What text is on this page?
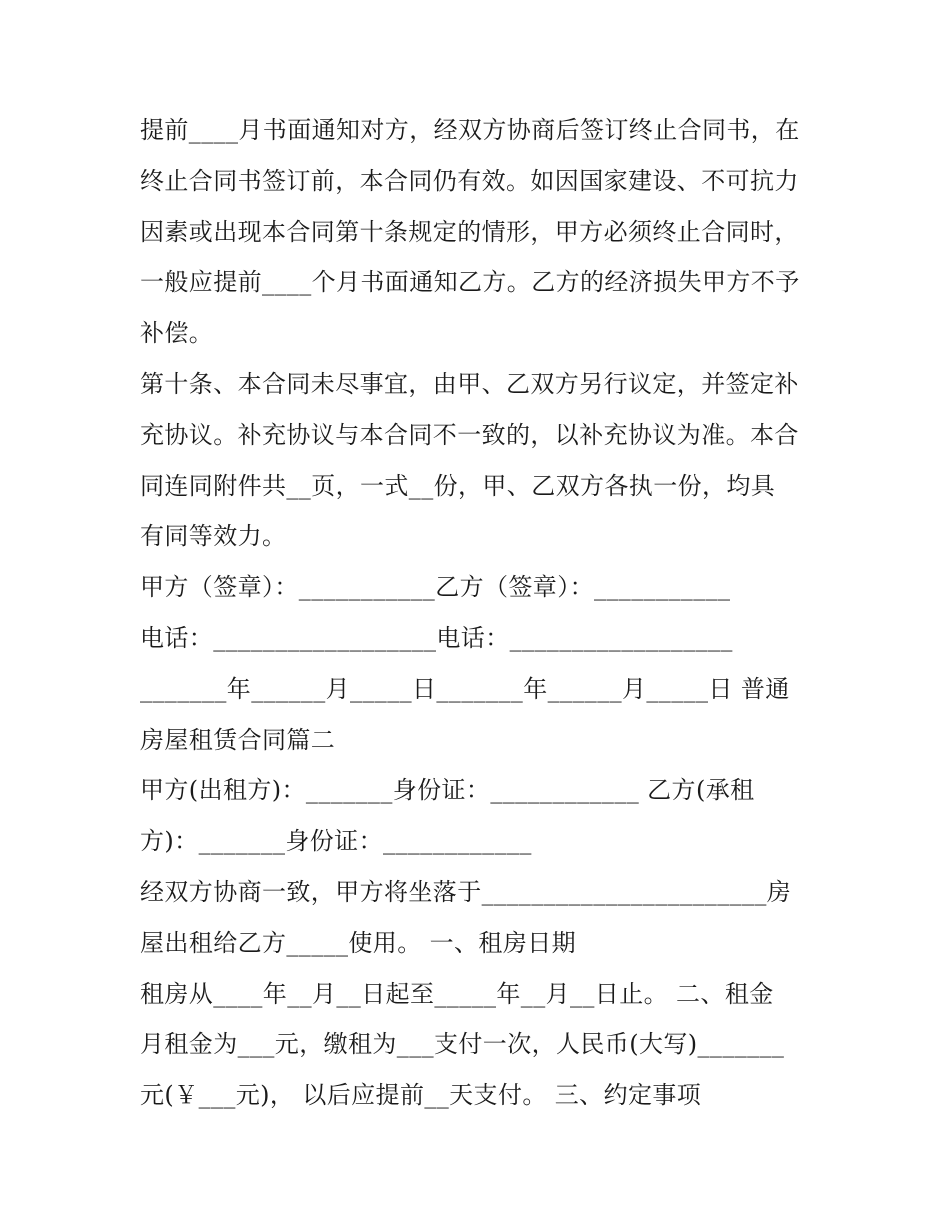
提前____月书面通知对方，经双方协商后签订终止合同书，在
终止合同书签订前，本合同仍有效。如因国家建设、不可抗力
因素或出现本合同第十条规定的情形，甲方必须终止合同时，
一般应提前____个月书面通知乙方。乙方的经济损失甲方不予
补偿。
第十条、本合同未尽事宜，由甲、乙双方另行议定，并签定补
充协议。补充协议与本合同不一致的，以补充协议为准。本合
同连同附件共__页，一式__份，甲、乙双方各执一份，均具
有同等效力。
甲方（签章）：___________乙方（签章）：___________
电话：__________________电话：__________________
_______年______月_____日_______年______月_____日 普通
房屋租赁合同篇二
甲方(出租方)：_______身份证：____________ 乙方(承租
方)：_______身份证：____________
经双方协商一致，甲方将坐落于_______________________房
屋出租给乙方_____使用。 一、租房日期
租房从____年__月__日起至_____年__月__日止。 二、租金
月租金为___元，缴租为___支付一次，人民币(大写)_______
元(￥___元)， 以后应提前__天支付。 三、约定事项
